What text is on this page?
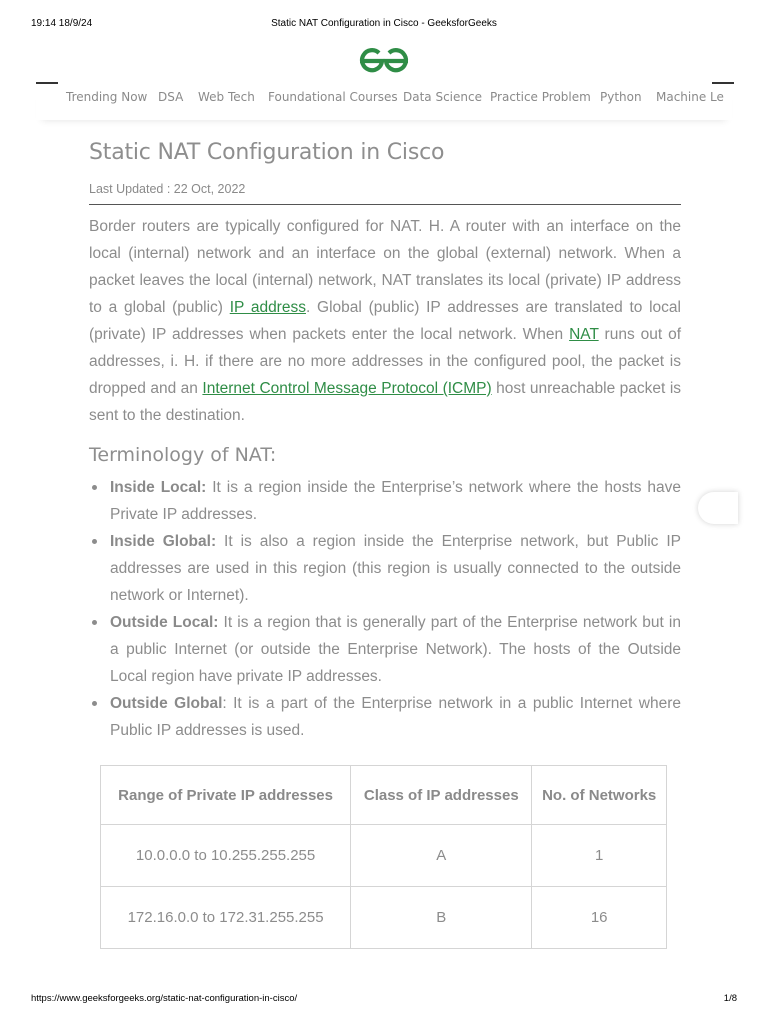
19:14 18/9/24	Static NAT Configuration in Cisco - GeeksforGeeks
Trending Now DSA Web Tech Foundational Courses Data Science Practice Problem Python Machine Le
Static NAT Configuration in Cisco
Last Updated : 22 Oct, 2022

Border routers are typically configured for NAT. H. A router with an interface on the local (internal) network and an interface on the global (external) network. When a packet leaves the local (internal) network, NAT translates its local (private) IP address to a global (public) IP address. Global (public) IP addresses are translated to local (private) IP addresses when packets enter the local network. When NAT runs out of addresses, i. H. if there are no more addresses in the configured pool, the packet is dropped and an Internet Control Message Protocol (ICMP) host unreachable packet is sent to the destination.

Terminology of NAT:
Inside Local: It is a region inside the Enterprise’s network where the hosts have Private IP addresses.
Inside Global: It is also a region inside the Enterprise network, but Public IP addresses are used in this region (this region is usually connected to the outside network or Internet).
Outside Local: It is a region that is generally part of the Enterprise network but in a public Internet (or outside the Enterprise Network). The hosts of the Outside Local region have private IP addresses.
Outside Global: It is a part of the Enterprise network in a public Internet where Public IP addresses is used.
Range of Private IP addresses	Class of IP addresses	No. of Networks
10.0.0.0 to 10.255.255.255	A	1
172.16.0.0 to 172.31.255.255	B	16
https://www.geeksforgeeks.org/static-nat-configuration-in-cisco/	1/8
